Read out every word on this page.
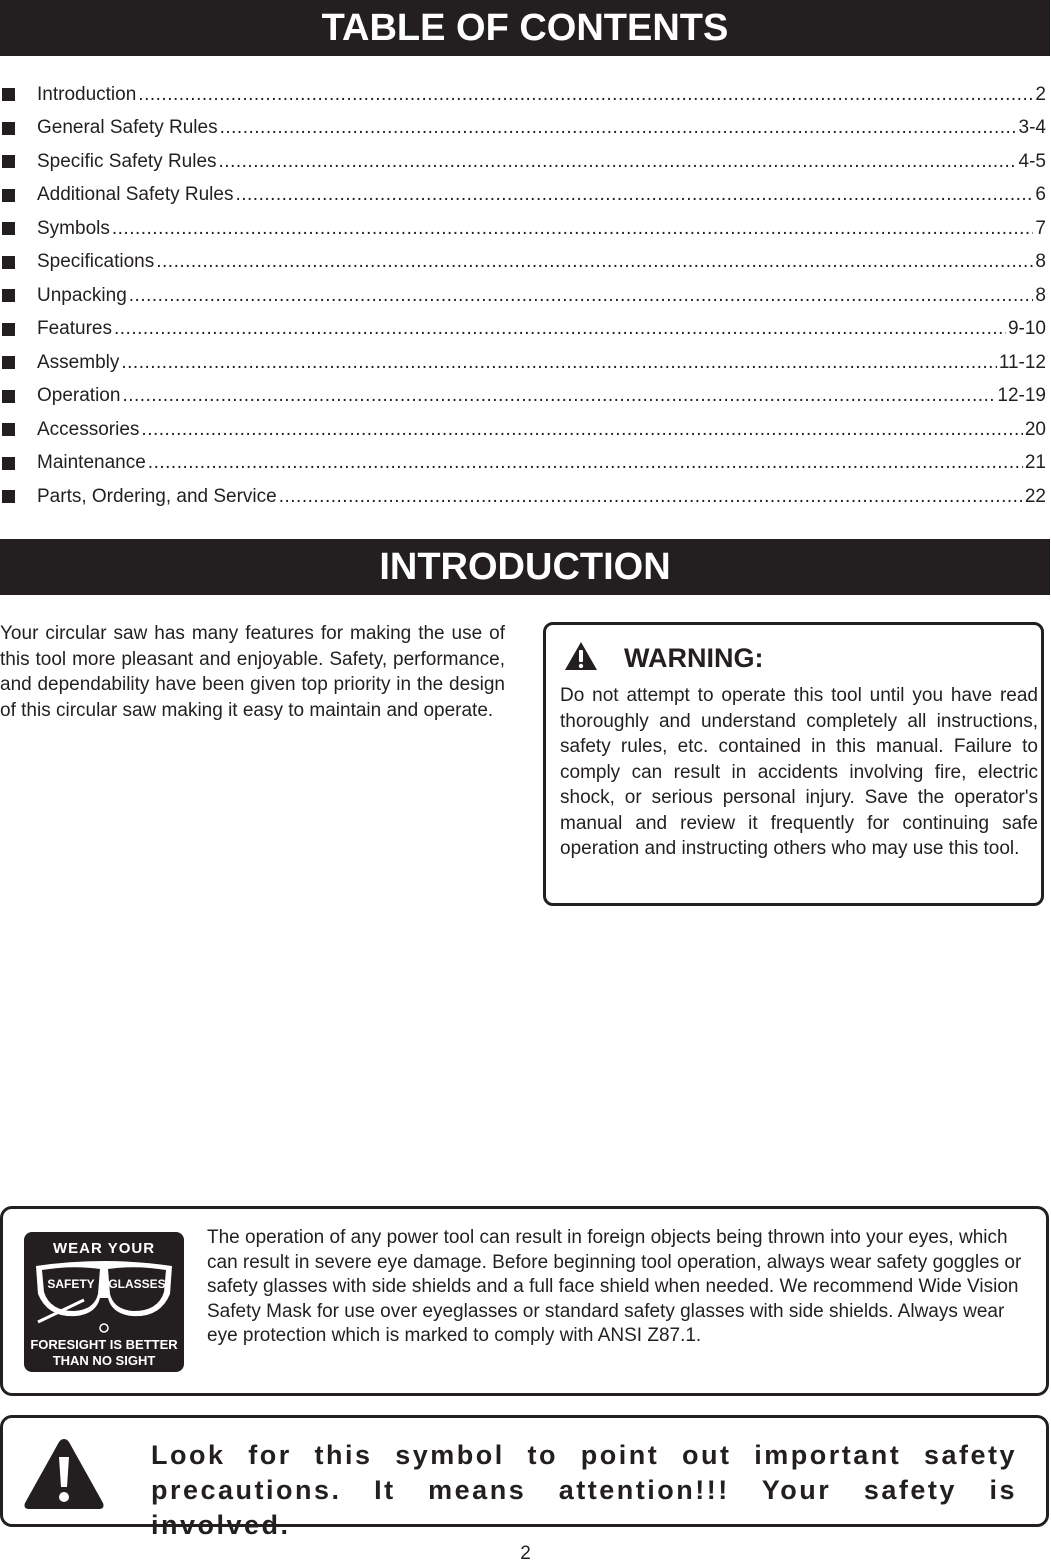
TABLE OF CONTENTS
Introduction .....	2
General Safety Rules .....	3-4
Specific Safety Rules .....	4-5
Additional Safety Rules .....	6
Symbols .....	7
Specifications .....	8
Unpacking .....	8
Features .....	9-10
Assembly .....	11-12
Operation .....	12-19
Accessories .....	20
Maintenance .....	21
Parts, Ordering, and Service .....	22
INTRODUCTION

Your circular saw has many features for making the use of this tool more pleasant and enjoyable. Safety, performance, and dependability have been given top priority in the design of this circular saw making it easy to maintain and operate.

WARNING:

Do not attempt to operate this tool until you have read thoroughly and understand completely all instructions, safety rules, etc. contained in this manual. Failure to comply can result in accidents involving fire, electric shock, or serious personal injury. Save the operator's manual and review it frequently for continuing safe operation and instructing others who may use this tool.

WEAR YOUR
SAFETY GLASSES
FORESIGHT IS BETTER
THAN NO SIGHT

The operation of any power tool can result in foreign objects being thrown into your eyes, which can result in severe eye damage. Before beginning tool operation, always wear safety goggles or safety glasses with side shields and a full face shield when needed. We recommend Wide Vision Safety Mask for use over eyeglasses or standard safety glasses with side shields. Always wear eye protection which is marked to comply with ANSI Z87.1.

Look for this symbol to point out important safety precautions. It means attention!!! Your safety is involved.

2
